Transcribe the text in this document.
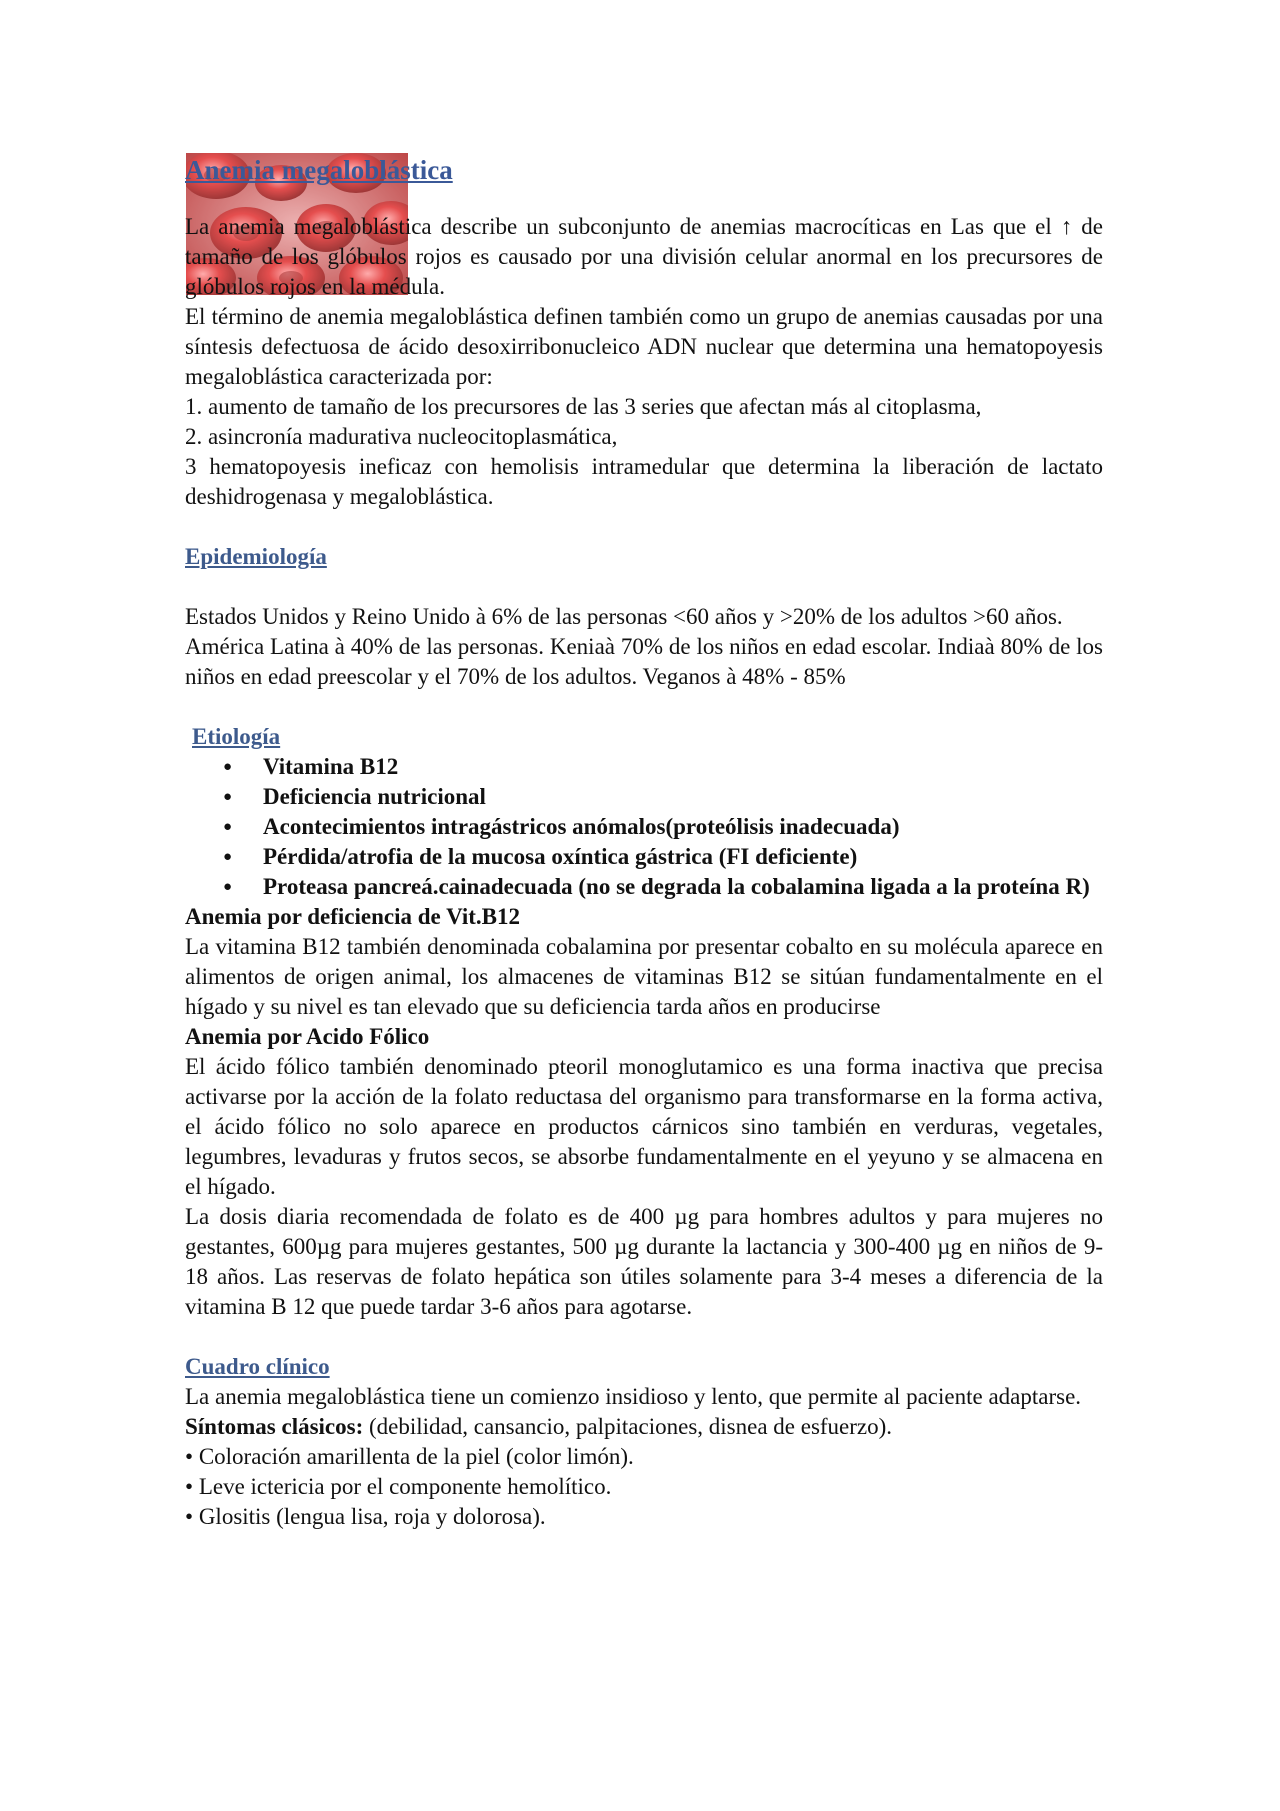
Anemia megaloblástica

La anemia megaloblástica describe un subconjunto de anemias macrocíticas en Las que el ↑ de tamaño de los glóbulos rojos es causado por una división celular anormal en los precursores de glóbulos rojos en la médula.

El término de anemia megaloblástica definen también como un grupo de anemias causadas por una síntesis defectuosa de ácido desoxirribonucleico ADN nuclear que determina una hematopoyesis megaloblástica caracterizada por:

1. aumento de tamaño de los precursores de las 3 series que afectan más al citoplasma,

2. asincronía madurativa nucleocitoplasmática,

3 hematopoyesis ineficaz con hemolisis intramedular que determina la liberación de lactato deshidrogenasa y megaloblástica.

Epidemiología

Estados Unidos y Reino Unido à 6% de las personas <60 años y >20% de los adultos >60 años.

América Latina à 40% de las personas. Keniaà 70% de los niños en edad escolar. Indiaà 80% de los niños en edad preescolar y el 70% de los adultos. Veganos à 48% - 85%

Etiología
● Vitamina B12
● Deficiencia nutricional
● Acontecimientos intragástricos anómalos(proteólisis inadecuada)
● Pérdida/atrofia de la mucosa oxíntica gástrica (FI deficiente)
● Proteasa pancreá.cainadecuada (no se degrada la cobalamina ligada a la proteína R)

Anemia por deficiencia de Vit.B12

La vitamina B12 también denominada cobalamina por presentar cobalto en su molécula aparece en alimentos de origen animal, los almacenes de vitaminas B12 se sitúan fundamentalmente en el hígado y su nivel es tan elevado que su deficiencia tarda años en producirse

Anemia por Acido Fólico

El ácido fólico también denominado pteoril monoglutamico es una forma inactiva que precisa activarse por la acción de la folato reductasa del organismo para transformarse en la forma activa, el ácido fólico no solo aparece en productos cárnicos sino también en verduras, vegetales, legumbres, levaduras y frutos secos, se absorbe fundamentalmente en el yeyuno y se almacena en el hígado.

La dosis diaria recomendada de folato es de 400 µg para hombres adultos y para mujeres no gestantes, 600µg para mujeres gestantes, 500 µg durante la lactancia y 300-400 µg en niños de 9-18 años. Las reservas de folato hepática son útiles solamente para 3-4 meses a diferencia de la vitamina B 12 que puede tardar 3-6 años para agotarse.

Cuadro clínico

La anemia megaloblástica tiene un comienzo insidioso y lento, que permite al paciente adaptarse.

Síntomas clásicos: (debilidad, cansancio, palpitaciones, disnea de esfuerzo).

• Coloración amarillenta de la piel (color limón).
• Leve ictericia por el componente hemolítico.
• Glositis (lengua lisa, roja y dolorosa).
